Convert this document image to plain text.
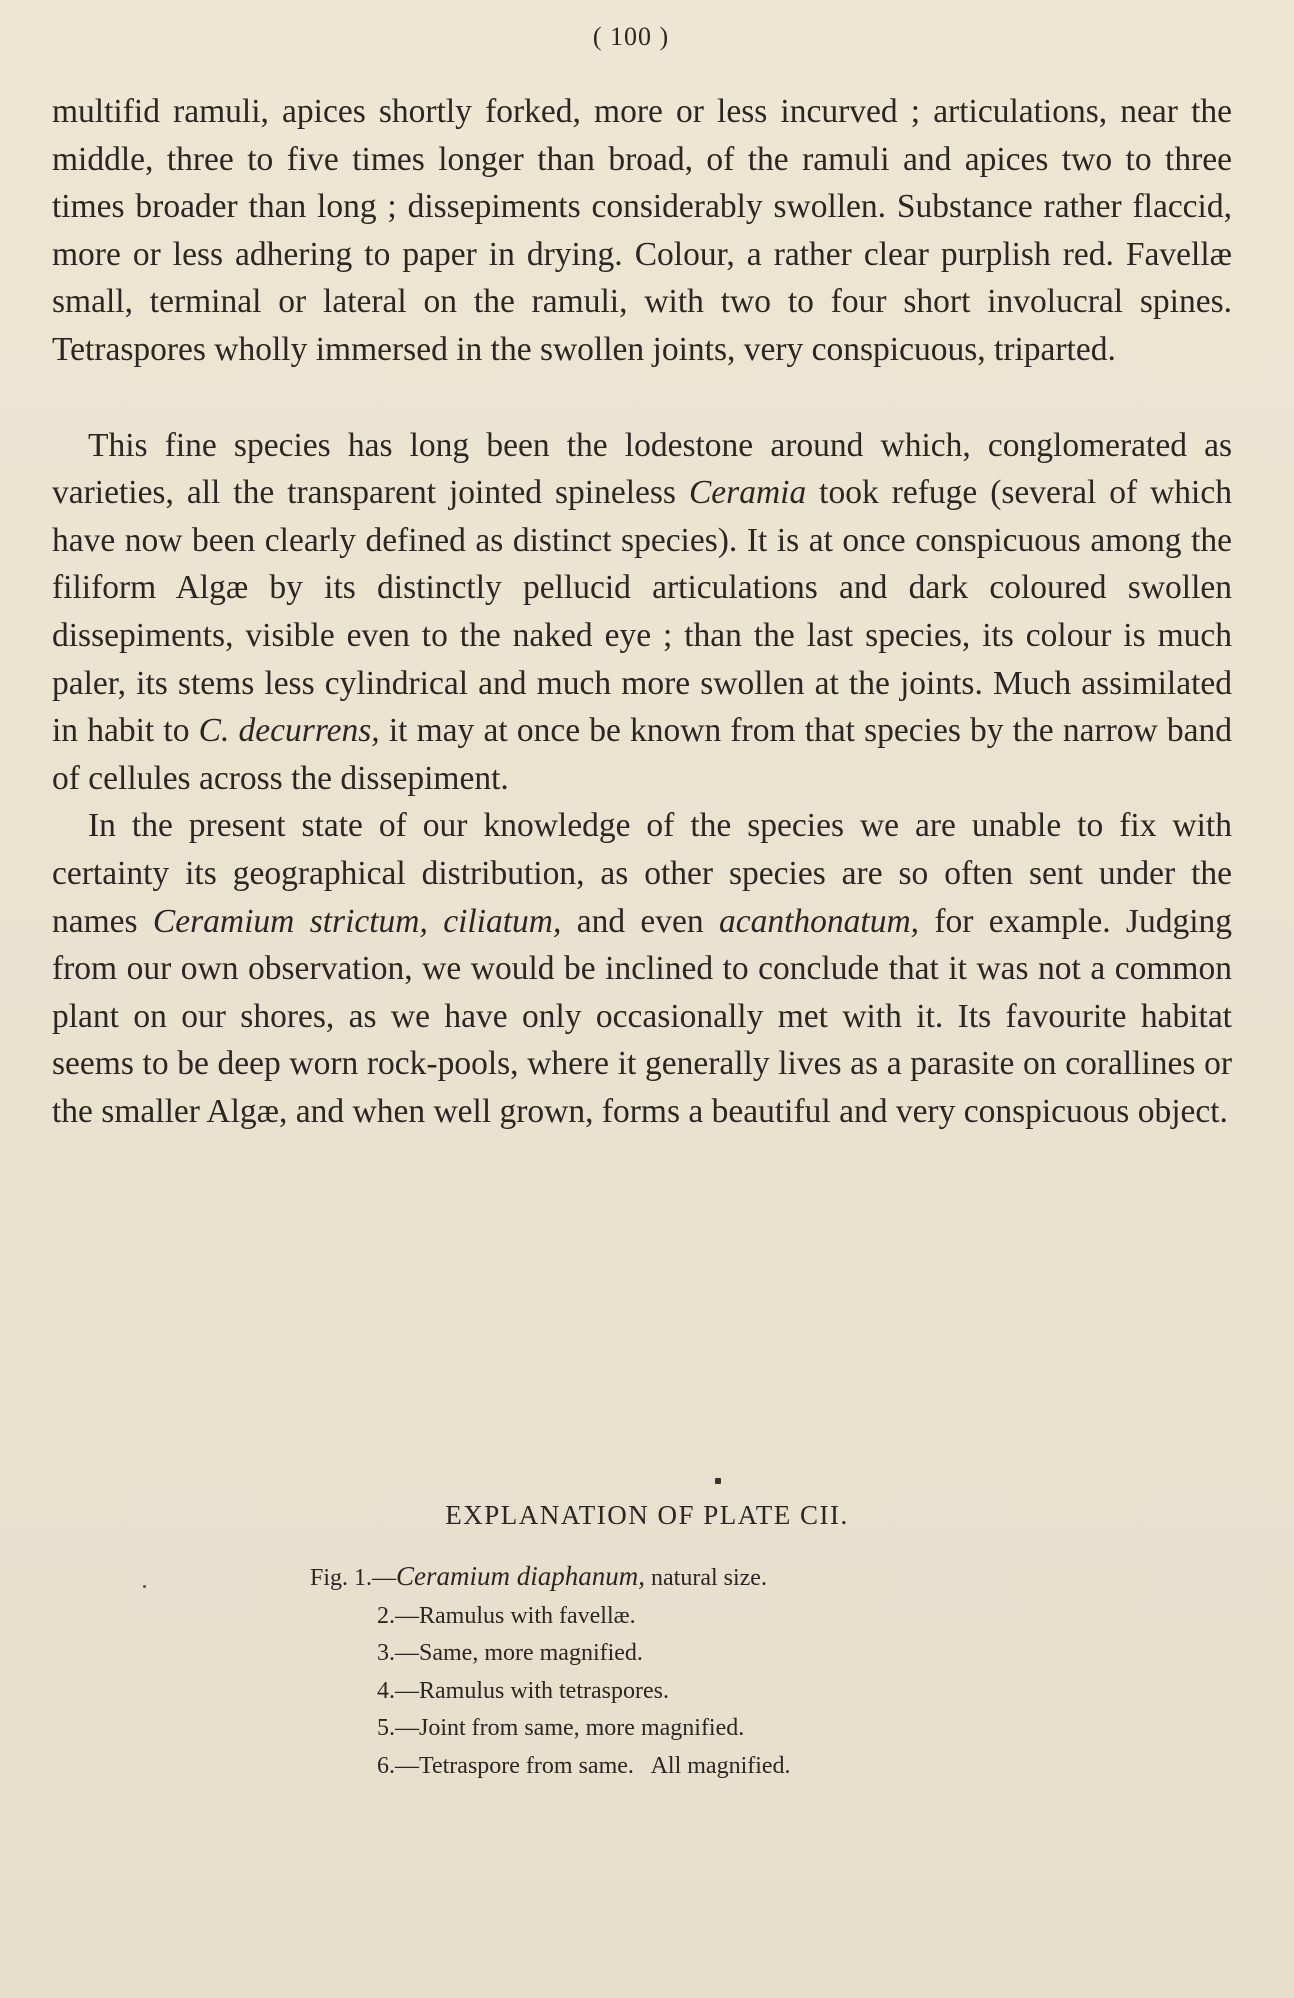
( 100 )

multifid ramuli, apices shortly forked, more or less incurved ; articulations, near the middle, three to five times longer than broad, of the ramuli and apices two to three times broader than long ; dissepiments considerably swollen. Substance rather flaccid, more or less adhering to paper in drying. Colour, a rather clear purplish red. Favellæ small, terminal or lateral on the ramuli, with two to four short involucral spines. Tetraspores wholly immersed in the swollen joints, very conspicuous, triparted.

This fine species has long been the lodestone around which, conglomerated as varieties, all the transparent jointed spineless Ceramia took refuge (several of which have now been clearly defined as distinct species). It is at once conspicuous among the filiform Algæ by its distinctly pellucid articulations and dark coloured swollen dissepiments, visible even to the naked eye ; than the last species, its colour is much paler, its stems less cylindrical and much more swollen at the joints. Much assimilated in habit to C. decurrens, it may at once be known from that species by the narrow band of cellules across the dissepiment.

In the present state of our knowledge of the species we are unable to fix with certainty its geographical distribution, as other species are so often sent under the names Ceramium strictum, ciliatum, and even acanthonatum, for example. Judging from our own observation, we would be inclined to conclude that it was not a common plant on our shores, as we have only occasionally met with it. Its favourite habitat seems to be deep worn rock-pools, where it generally lives as a parasite on corallines or the smaller Algæ, and when well grown, forms a beautiful and very conspicuous object.

EXPLANATION OF PLATE CII.
Fig. 1.—Ceramium diaphanum, natural size.
2.—Ramulus with favellæ.
3.—Same, more magnified.
4.—Ramulus with tetraspores.
5.—Joint from same, more magnified.
6.—Tetraspore from same.   All magnified.
